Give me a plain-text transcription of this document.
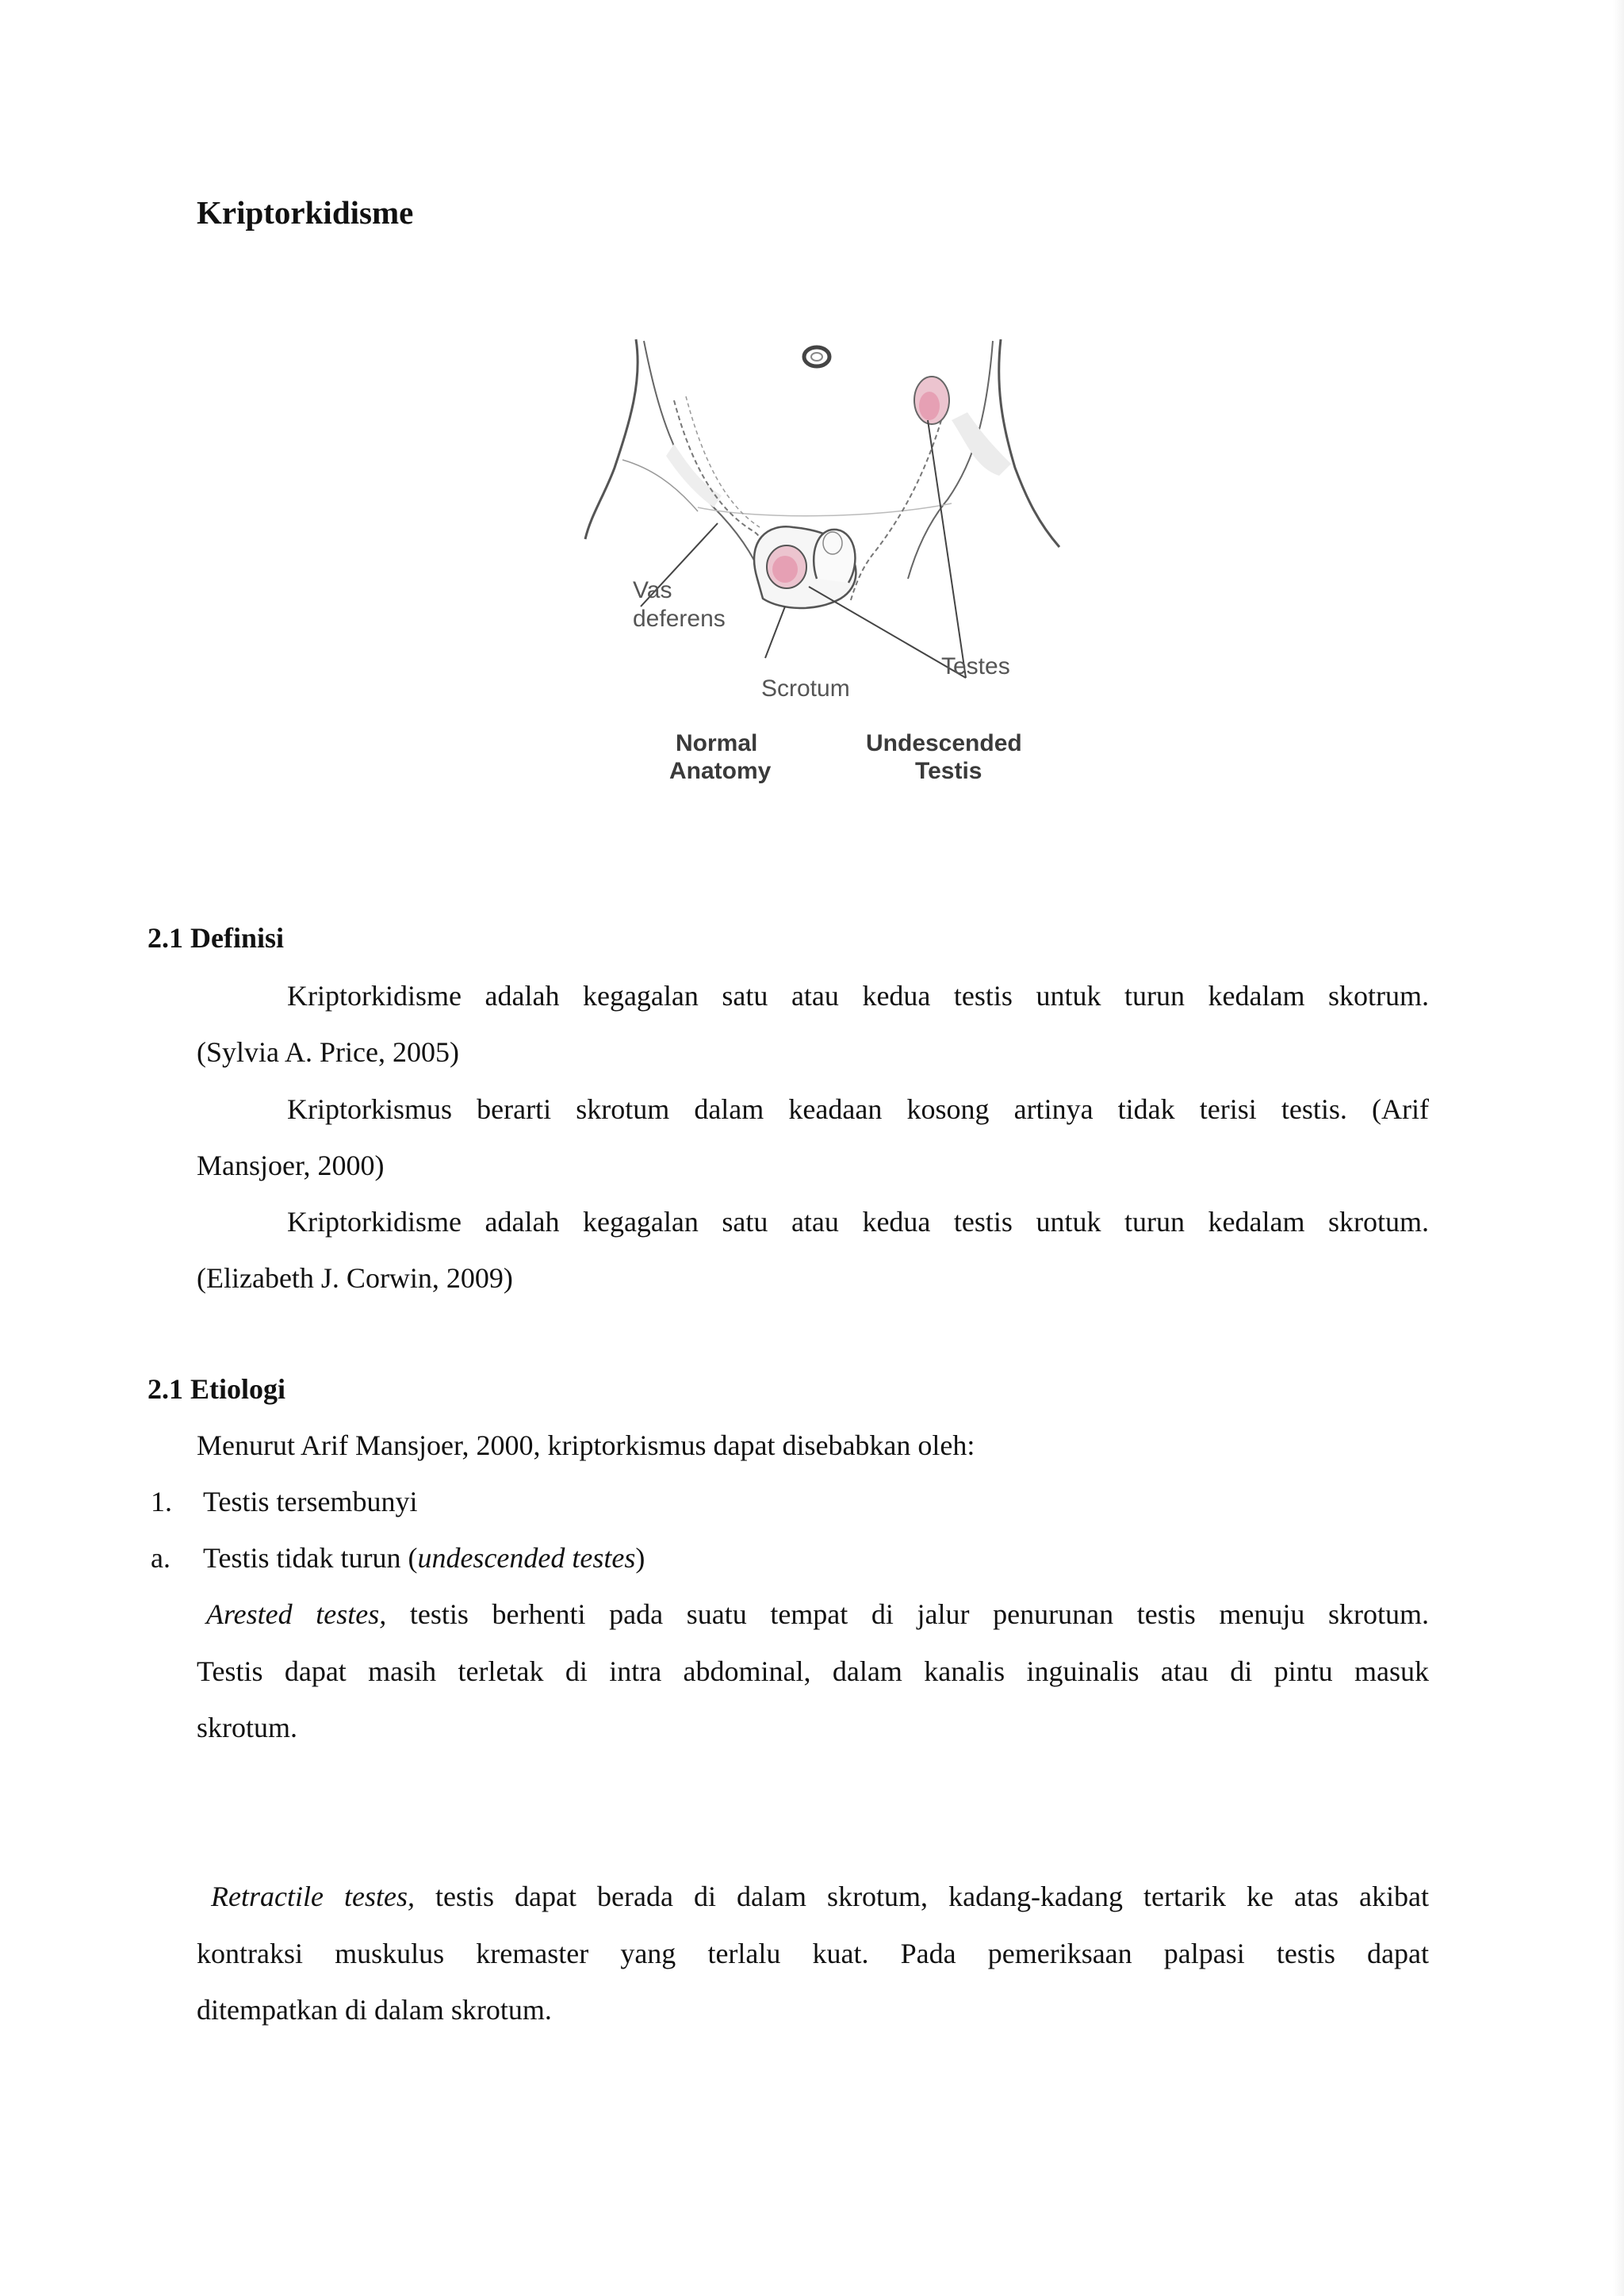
Kriptorkidisme
Vas
deferens
Scrotum
Testes
Normal
Anatomy
Undescended
Testis
2.1 Definisi
Kriptorkidisme adalah kegagalan satu atau kedua testis untuk turun kedalam skotrum.
(Sylvia A. Price, 2005)
Kriptorkismus berarti skrotum dalam keadaan kosong artinya tidak terisi testis. (Arif
Mansjoer, 2000)
Kriptorkidisme adalah kegagalan satu atau kedua testis untuk turun kedalam skrotum.
(Elizabeth J. Corwin, 2009)
2.1 Etiologi
Menurut Arif Mansjoer, 2000, kriptorkismus dapat disebabkan oleh:
1. Testis tersembunyi
a. Testis tidak turun (undescended testes)
Arested testes, testis berhenti pada suatu tempat di jalur penurunan testis menuju skrotum.
Testis dapat masih terletak di intra abdominal, dalam kanalis inguinalis atau di pintu masuk
skrotum.
Retractile testes, testis dapat berada di dalam skrotum, kadang-kadang tertarik ke atas akibat
kontraksi muskulus kremaster yang terlalu kuat. Pada pemeriksaan palpasi testis dapat
ditempatkan di dalam skrotum.
